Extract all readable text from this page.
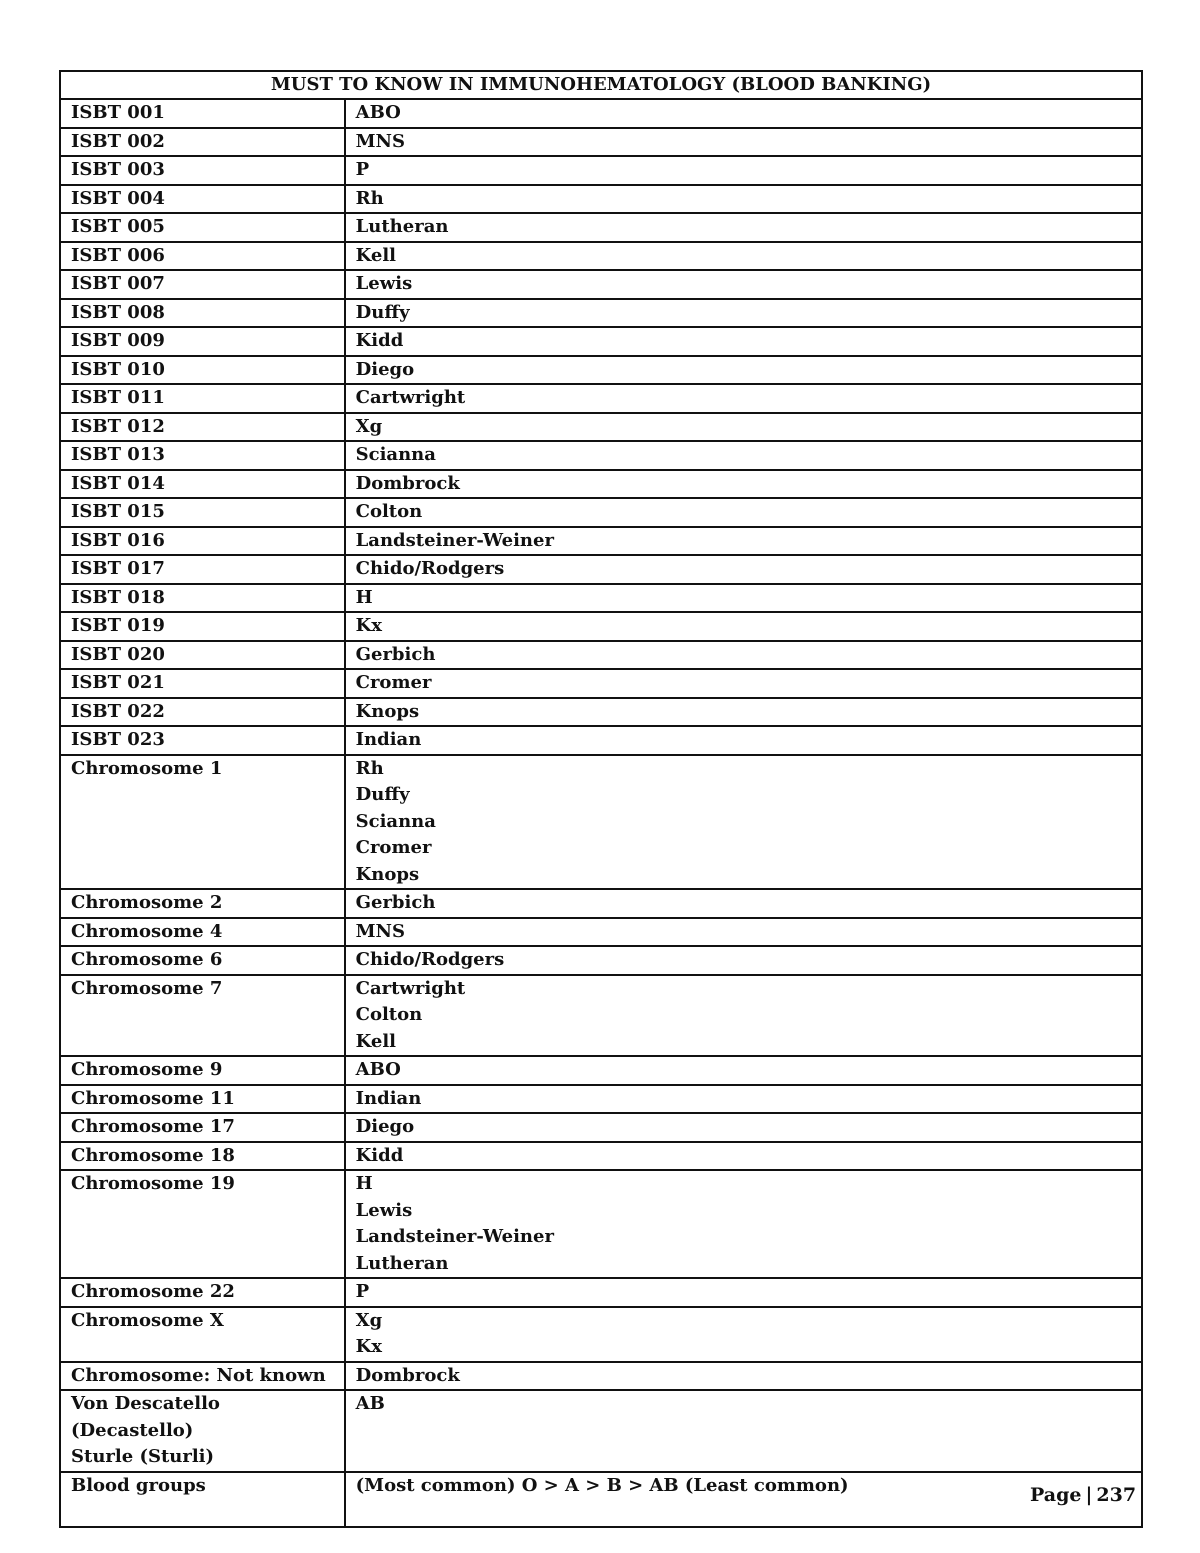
MUST TO KNOW IN IMMUNOHEMATOLOGY (BLOOD BANKING)	

ISBT 001	ABO

ISBT 002	MNS

ISBT 003	P

ISBT 004	Rh

ISBT 005	Lutheran

ISBT 006	Kell

ISBT 007	Lewis

ISBT 008	Duffy

ISBT 009	Kidd

ISBT 010	Diego

ISBT 011	Cartwright

ISBT 012	Xg

ISBT 013	Scianna

ISBT 014	Dombrock

ISBT 015	Colton

ISBT 016	Landsteiner-Weiner

ISBT 017	Chido/Rodgers

ISBT 018	H

ISBT 019	Kx

ISBT 020	Gerbich

ISBT 021	Cromer

ISBT 022	Knops

ISBT 023	Indian

Chromosome 1	Rh
Duffy
Scianna
Cromer
Knops

Chromosome 2	Gerbich

Chromosome 4	MNS

Chromosome 6	Chido/Rodgers

Chromosome 7	Cartwright
Colton
Kell

Chromosome 9	ABO

Chromosome 11	Indian

Chromosome 17	Diego

Chromosome 18	Kidd

Chromosome 19	H
Lewis
Landsteiner-Weiner
Lutheran

Chromosome 22	P

Chromosome X	Xg
Kx

Chromosome: Not known	Dombrock

Von Descatello (Decastello)
Sturle (Sturli)	AB

Blood groups	(Most common) O > A > B > AB (Least common)	Page | 237
